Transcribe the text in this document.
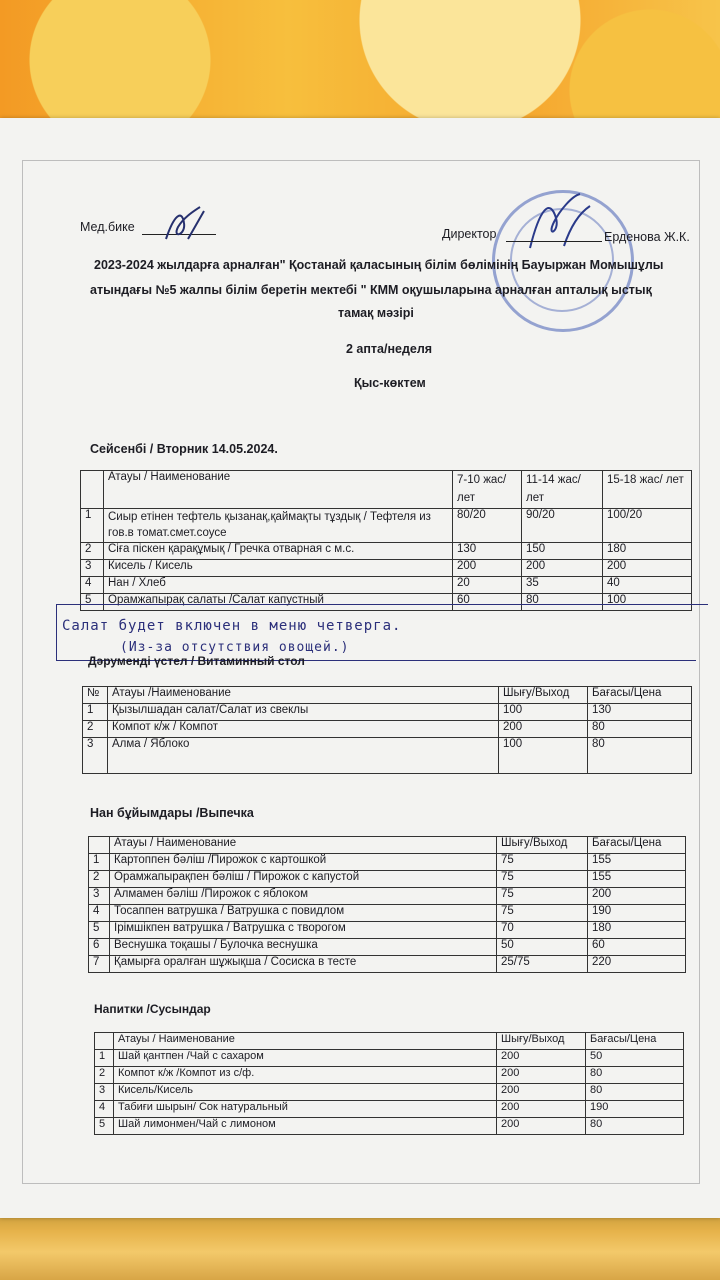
Мед.бике	Директор	Ерденова Ж.К.
2023-2024 жылдарға арналған" Қостанай қаласының білім бөлімінің Бауыржан Момышұлы
атындағы №5 жалпы білім беретін мектебі " КММ оқушыларына арналған апталық ыстық
тамақ мәзірі
2 апта/неделя
Қыс-көктем
Сейсенбі / Вторник 14.05.2024.
	Атауы / Наименование	7-10 жас/ лет	11-14 жас/ лет	15-18 жас/ лет
1	Сиыр етінен тефтель қызанақ,қаймақты тұздық / Тефтеля из гов.в томат.смет.соусе	80/20	90/20	100/20
2	Сіға піскен қарақұмық / Гречка отварная с м.с.	130	150	180
3	Кисель / Кисель	200	200	200
4	Нан / Хлеб	20	35	40
5	Орамжапырақ салаты /Салат капустный	60	80	100
Салат будет включен в меню четверга.
(Из-за отсутствия овощей.)
Дәруменді үстел / Витаминный стол
№	Атауы /Наименование	Шығу/Выход	Бағасы/Цена
1	Қызылшадан салат/Салат из свеклы	100	130
2	Компот к/ж / Компот	200	80
3	Алма / Яблоко	100	80
Нан бұйымдары /Выпечка
	Атауы / Наименование	Шығу/Выход	Бағасы/Цена
1	Картоппен бәліш /Пирожок с картошкой	75	155
2	Орамжапырақпен бәліш / Пирожок с капустой	75	155
3	Алмамен бәліш /Пирожок с яблоком	75	200
4	Тосаппен ватрушка / Ватрушка с повидлом	75	190
5	Ірімшікпен ватрушка / Ватрушка с творогом	70	180
6	Веснушка тоқашы / Булочка веснушка	50	60
7	Қамырға оралған шұжықша / Сосиска в тесте	25/75	220
Напитки /Сусындар
	Атауы / Наименование	Шығу/Выход	Бағасы/Цена
1	Шай қантпен /Чай с сахаром	200	50
2	Компот к/ж /Компот из с/ф.	200	80
3	Кисель/Кисель	200	80
4	Табиғи шырын/ Сок натуральный	200	190
5	Шай лимонмен/Чай с лимоном	200	80
